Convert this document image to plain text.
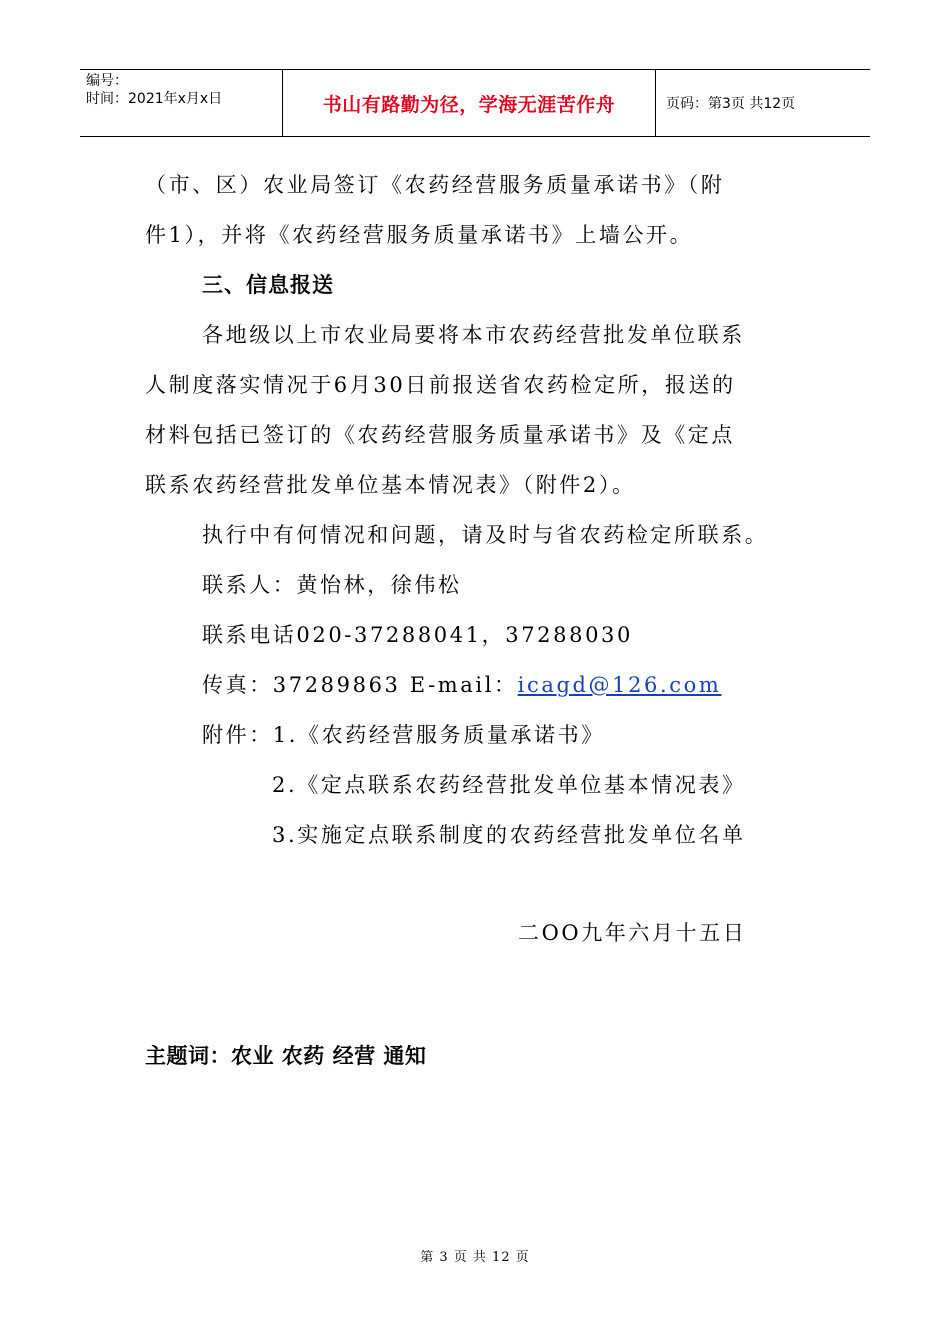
编号：
时间：2021年x月x日	书山有路勤为径，学海无涯苦作舟	页码：第3页 共12页
（市、区）农业局签订《农药经营服务质量承诺书》（附
件1），并将《农药经营服务质量承诺书》上墙公开。
三、信息报送
各地级以上市农业局要将本市农药经营批发单位联系
人制度落实情况于6月30日前报送省农药检定所，报送的
材料包括已签订的《农药经营服务质量承诺书》及《定点
联系农药经营批发单位基本情况表》（附件2）。
执行中有何情况和问题，请及时与省农药检定所联系。
联系人：黄怡林，徐伟松
联系电话020-37288041，37288030
传真：37289863 E-mail：icagd@126.com
附件：1.《农药经营服务质量承诺书》
2.《定点联系农药经营批发单位基本情况表》
3.实施定点联系制度的农药经营批发单位名单
二OO九年六月十五日
主题词：农业 农药 经营 通知
第 3 页 共 12 页
